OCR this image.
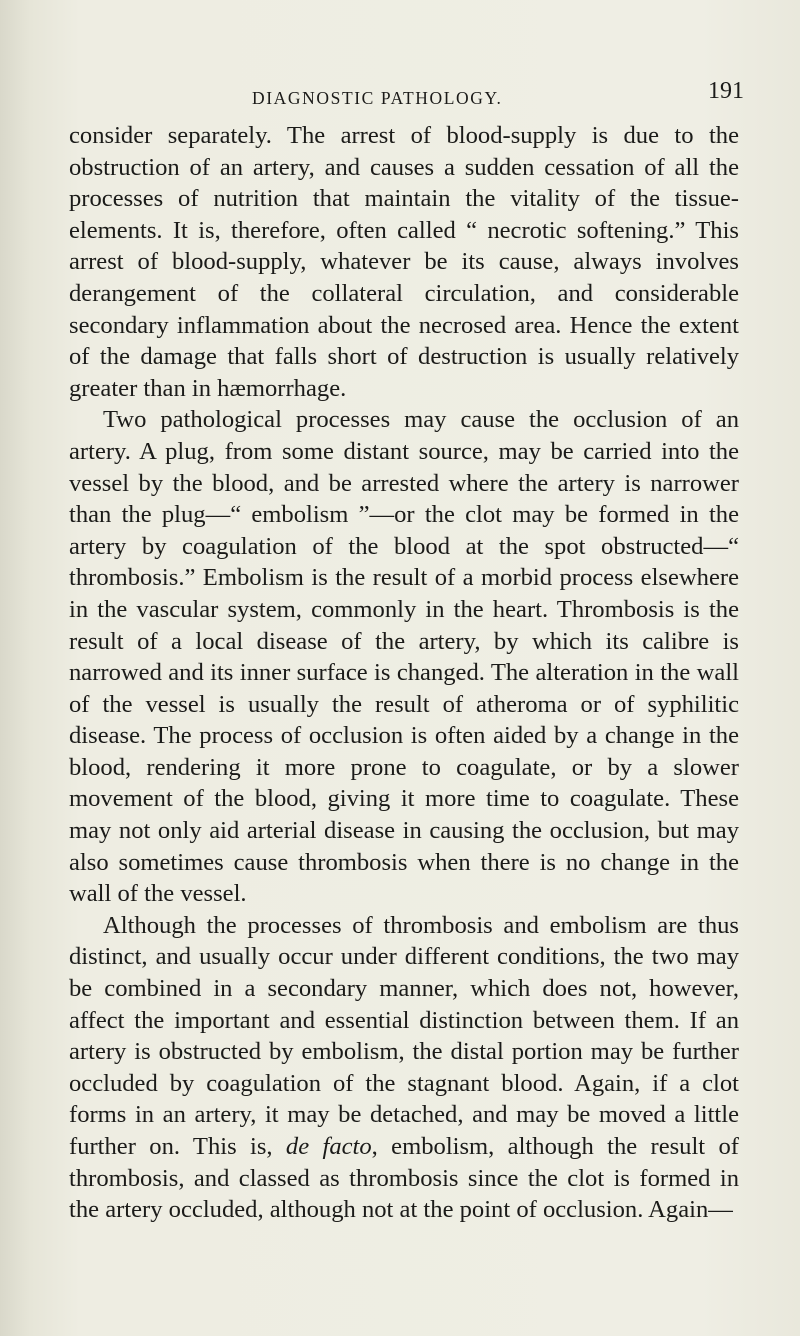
DIAGNOSTIC PATHOLOGY.	191

consider separately. The arrest of blood-supply is due to the obstruction of an artery, and causes a sudden cessation of all the processes of nutrition that maintain the vitality of the tissue-elements. It is, therefore, often called “ necrotic softening.” This arrest of blood-supply, whatever be its cause, always involves derangement of the collateral circulation, and considerable secondary inflammation about the necrosed area. Hence the extent of the damage that falls short of destruction is usually relatively greater than in hæmorrhage.

Two pathological processes may cause the occlusion of an artery. A plug, from some distant source, may be carried into the vessel by the blood, and be arrested where the artery is narrower than the plug—“ embolism ”—or the clot may be formed in the artery by coagulation of the blood at the spot obstructed—“ thrombosis.” Embolism is the result of a morbid process elsewhere in the vascular system, commonly in the heart. Thrombosis is the result of a local disease of the artery, by which its calibre is narrowed and its inner surface is changed. The alteration in the wall of the vessel is usually the result of atheroma or of syphilitic disease. The process of occlusion is often aided by a change in the blood, rendering it more prone to coagulate, or by a slower movement of the blood, giving it more time to coagulate. These may not only aid arterial disease in causing the occlusion, but may also sometimes cause thrombosis when there is no change in the wall of the vessel.

Although the processes of thrombosis and embolism are thus distinct, and usually occur under different conditions, the two may be combined in a secondary manner, which does not, however, affect the important and essential distinction between them. If an artery is obstructed by embolism, the distal portion may be further occluded by coagulation of the stagnant blood. Again, if a clot forms in an artery, it may be detached, and may be moved a little further on. This is, de facto, embolism, although the result of thrombosis, and classed as thrombosis since the clot is formed in the artery occluded, although not at the point of occlusion. Again—
